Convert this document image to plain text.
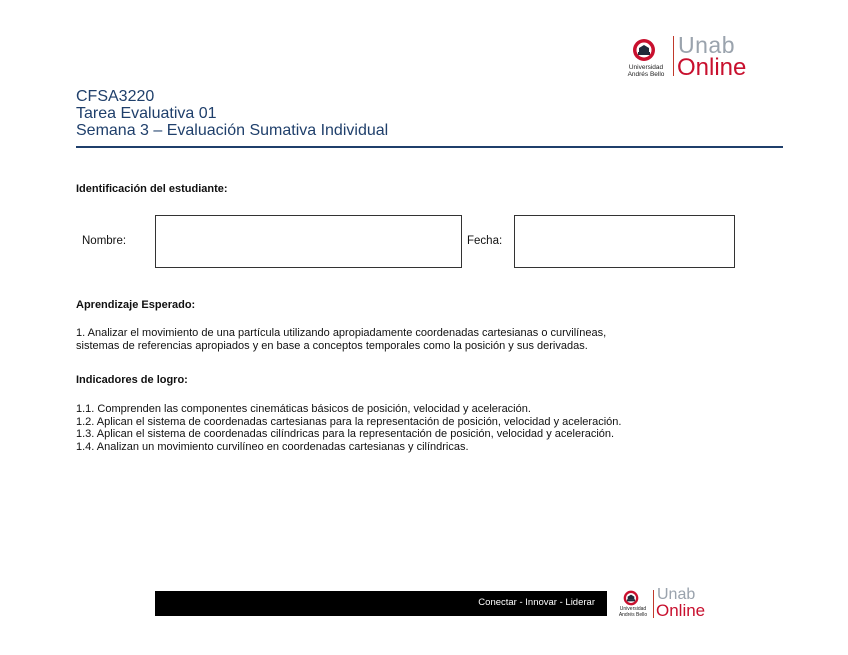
Universidad
Andrés Bello
Unab
Online
CFSA3220
Tarea Evaluativa 01
Semana 3 – Evaluación Sumativa Individual
Identificación del estudiante:
Nombre:	Fecha:
Aprendizaje Esperado:
1. Analizar el movimiento de una partícula utilizando apropiadamente coordenadas cartesianas o curvilíneas,
sistemas de referencias apropiados y en base a conceptos temporales como la posición y sus derivadas.
Indicadores de logro:
1.1. Comprenden las componentes cinemáticas básicos de posición, velocidad y aceleración.
1.2. Aplican el sistema de coordenadas cartesianas para la representación de posición, velocidad y aceleración.
1.3. Aplican el sistema de coordenadas cilíndricas para la representación de posición, velocidad y aceleración.
1.4. Analizan un movimiento curvilíneo en coordenadas cartesianas y cilíndricas.
Conectar - Innovar - Liderar
Universidad
Andrés Bello
Unab
Online
